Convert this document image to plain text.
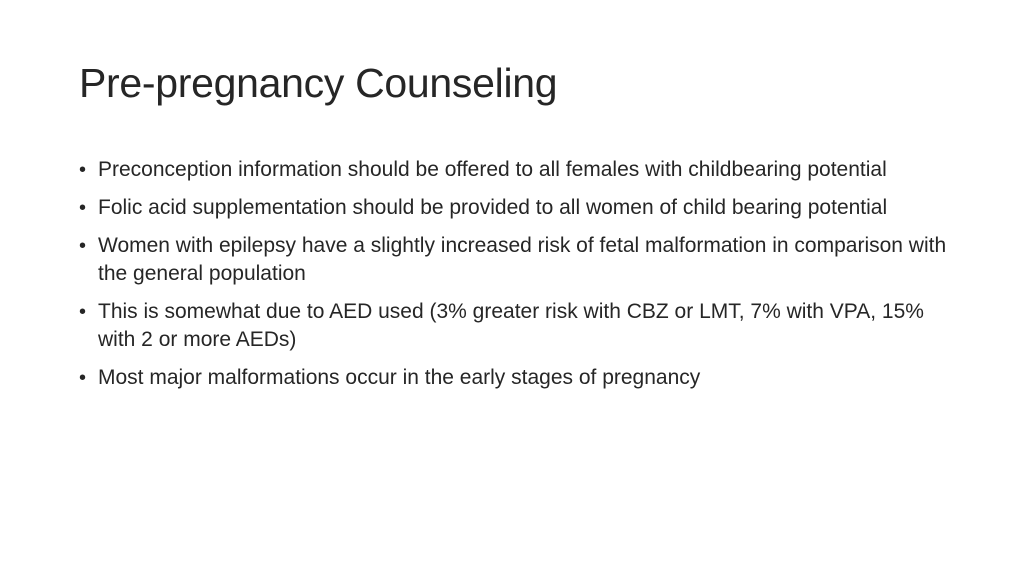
Pre-pregnancy Counseling
• Preconception information should be offered to all females with childbearing potential
• Folic acid supplementation should be provided to all women of child bearing potential
• Women with epilepsy have a slightly increased risk of fetal malformation in comparison with the general population
• This is somewhat due to AED used (3% greater risk with CBZ or LMT, 7% with VPA, 15% with 2 or more AEDs)
• Most major malformations occur in the early stages of pregnancy
